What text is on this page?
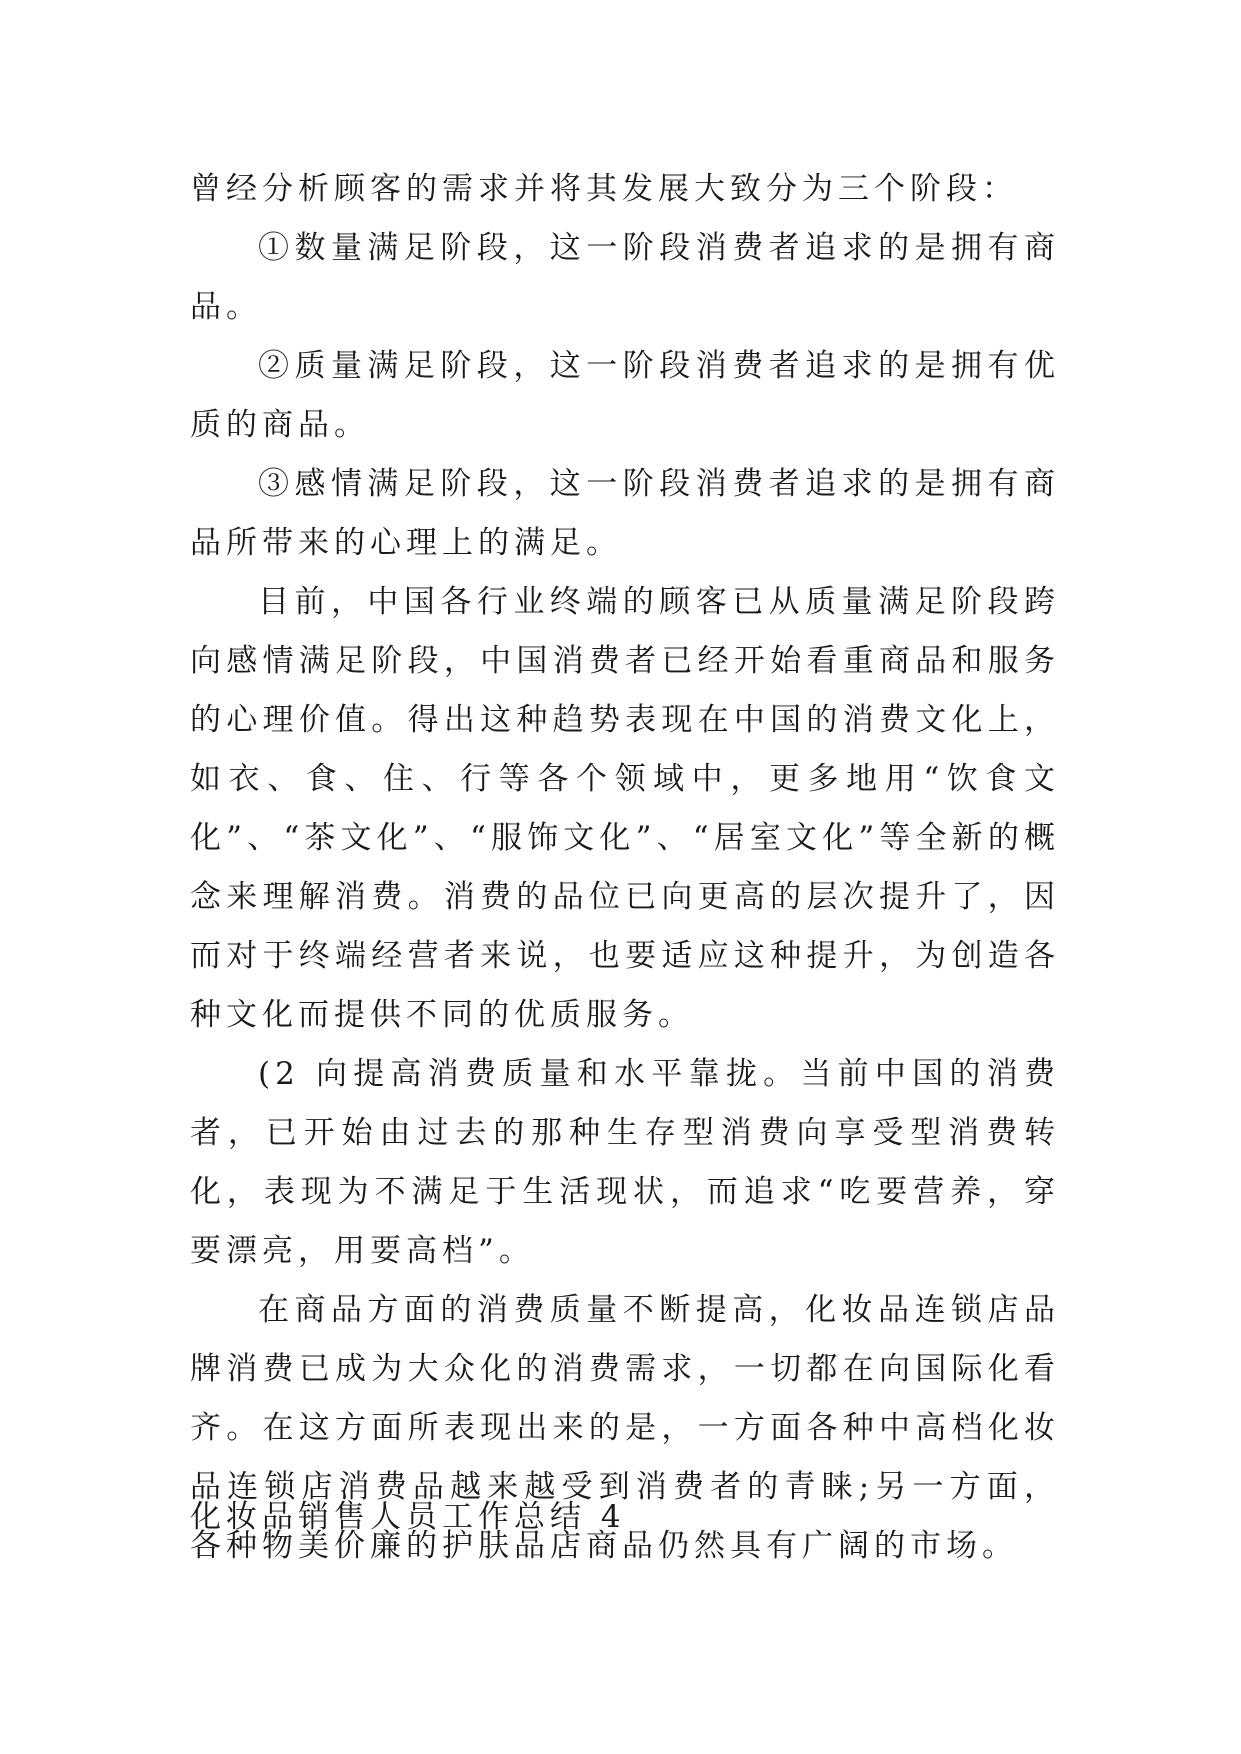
曾经分析顾客的需求并将其发展大致分为三个阶段：

①数量满足阶段，这一阶段消费者追求的是拥有商品。

②质量满足阶段，这一阶段消费者追求的是拥有优质的商品。

③感情满足阶段，这一阶段消费者追求的是拥有商品所带来的心理上的满足。

目前，中国各行业终端的顾客已从质量满足阶段跨向感情满足阶段，中国消费者已经开始看重商品和服务的心理价值。得出这种趋势表现在中国的消费文化上，如衣、食、住、行等各个领域中，更多地用“饮食文化”、“茶文化”、“服饰文化”、“居室文化”等全新的概念来理解消费。消费的品位已向更高的层次提升了，因而对于终端经营者来说，也要适应这种提升，为创造各种文化而提供不同的优质服务。

(2 向提高消费质量和水平靠拢。当前中国的消费者，已开始由过去的那种生存型消费向享受型消费转化，表现为不满足于生活现状，而追求“吃要营养，穿要漂亮，用要高档”。

在商品方面的消费质量不断提高，化妆品连锁店品牌消费已成为大众化的消费需求，一切都在向国际化看齐。在这方面所表现出来的是，一方面各种中高档化妆品连锁店消费品越来越受到消费者的青睐;另一方面，各种物美价廉的护肤品店商品仍然具有广阔的市场。

化妆品销售人员工作总结 4
